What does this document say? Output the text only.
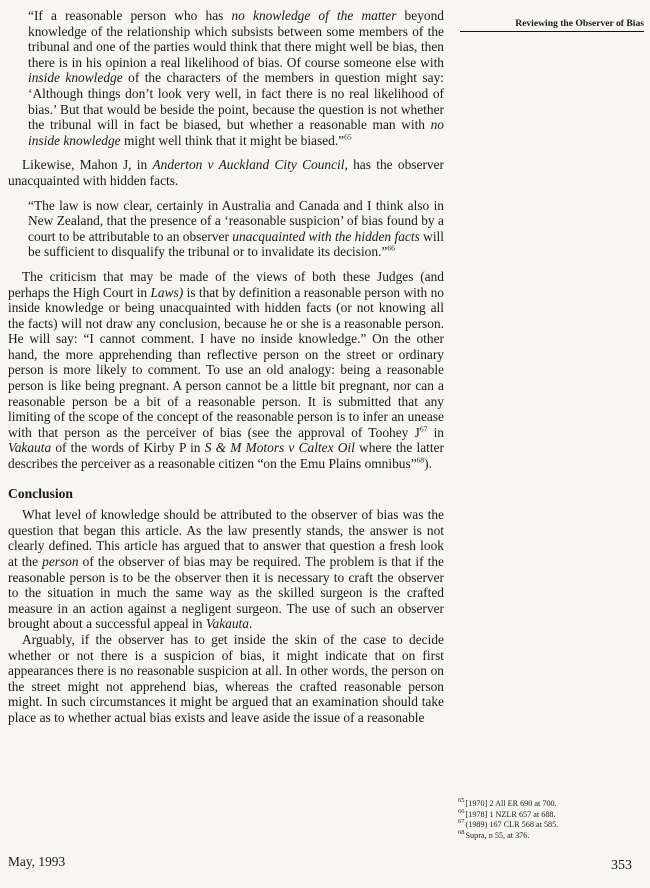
Reviewing the Observer of Bias

“If a reasonable person who has no knowledge of the matter beyond knowledge of the relationship which subsists between some members of the tribunal and one of the parties would think that there might well be bias, then there is in his opinion a real likelihood of bias. Of course someone else with inside knowledge of the characters of the members in question might say: ‘Although things don’t look very well, in fact there is no real likelihood of bias.’ But that would be beside the point, because the question is not whether the tribunal will in fact be biased, but whether a reasonable man with no inside knowledge might well think that it might be biased.”$^{65}$

Likewise, Mahon J, in Anderton v Auckland City Council, has the observer unacquainted with hidden facts.

“The law is now clear, certainly in Australia and Canada and I think also in New Zealand, that the presence of a ‘reasonable suspicion’ of bias found by a court to be attributable to an observer unacquainted with the hidden facts will be sufficient to disqualify the tribunal or to invalidate its decision.”$^{66}$

The criticism that may be made of the views of both these Judges (and perhaps the High Court in Laws) is that by definition a reasonable person with no inside knowledge or being unacquainted with hidden facts (or not knowing all the facts) will not draw any conclusion, because he or she is a reasonable person. He will say: “I cannot comment. I have no inside knowledge.” On the other hand, the more apprehending than reflective person on the street or ordinary person is more likely to comment. To use an old analogy: being a reasonable person is like being pregnant. A person cannot be a little bit pregnant, nor can a reasonable person be a bit of a reasonable person. It is submitted that any limiting of the scope of the concept of the reasonable person is to infer an unease with that person as the perceiver of bias (see the approval of Toohey $J^{67}$ in Vakauta of the words of Kirby P in S & M Motors v Caltex Oil where the latter describes the perceiver as a reasonable citizen “on the Emu Plains omnibus”$^{68}$).

Conclusion

What level of knowledge should be attributed to the observer of bias was the question that began this article. As the law presently stands, the answer is not clearly defined. This article has argued that to answer that question a fresh look at the person of the observer of bias may be required. The problem is that if the reasonable person is to be the observer then it is necessary to craft the observer to the situation in much the same way as the skilled surgeon is the crafted measure in an action against a negligent surgeon. The use of such an observer brought about a successful appeal in Vakauta.

Arguably, if the observer has to get inside the skin of the case to decide whether or not there is a suspicion of bias, it might indicate that on first appearances there is no reasonable suspicion at all. In other words, the person on the street might not apprehend bias, whereas the crafted reasonable person might. In such circumstances it might be argued that an examination should take place as to whether actual bias exists and leave aside the issue of a reasonable

$^{65}$[1970] 2 All ER 690 at 700.
$^{66}$[1978] 1 NZLR 657 at 688.
$^{67}$(1989) 167 CLR 568 at 585.
$^{68}$Supra, n 55, at 376.
May, 1993	353
